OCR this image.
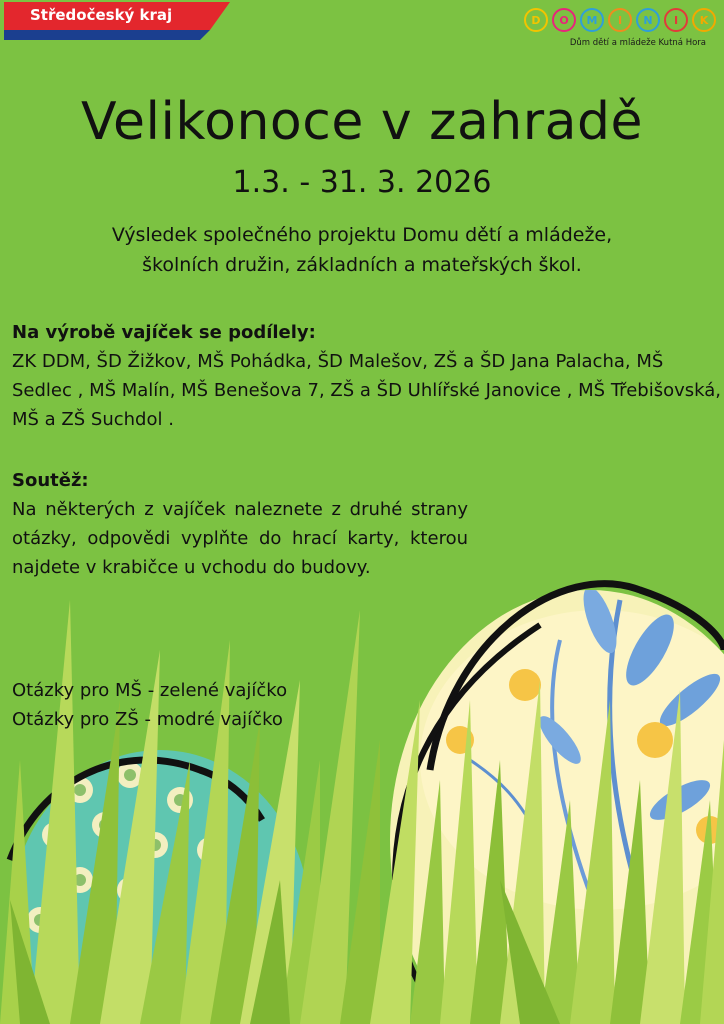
Středočeský kraj	D	O	M	I	N	I	K
Dům dětí a mládeže Kutná Hora
Velikonoce v zahradě
1.3. - 31. 3. 2026
Výsledek společného projektu Domu dětí a mládeže,
školních družin, základních a mateřských škol.
Na výrobě vajíček se podílely:
ZK DDM, ŠD Žižkov, MŠ Pohádka, ŠD Malešov, ZŠ a ŠD Jana Palacha, MŠ Sedlec , MŠ Malín, MŠ Benešova 7, ZŠ a ŠD Uhlířské Janovice , MŠ Třebišovská, MŠ a ZŠ Suchdol .
Soutěž:
Na některých z vajíček naleznete z druhé strany otázky, odpovědi vyplňte do hrací karty, kterou najdete v krabičce u vchodu do budovy.
Otázky pro MŠ - zelené vajíčko
Otázky pro ZŠ - modré vajíčko
